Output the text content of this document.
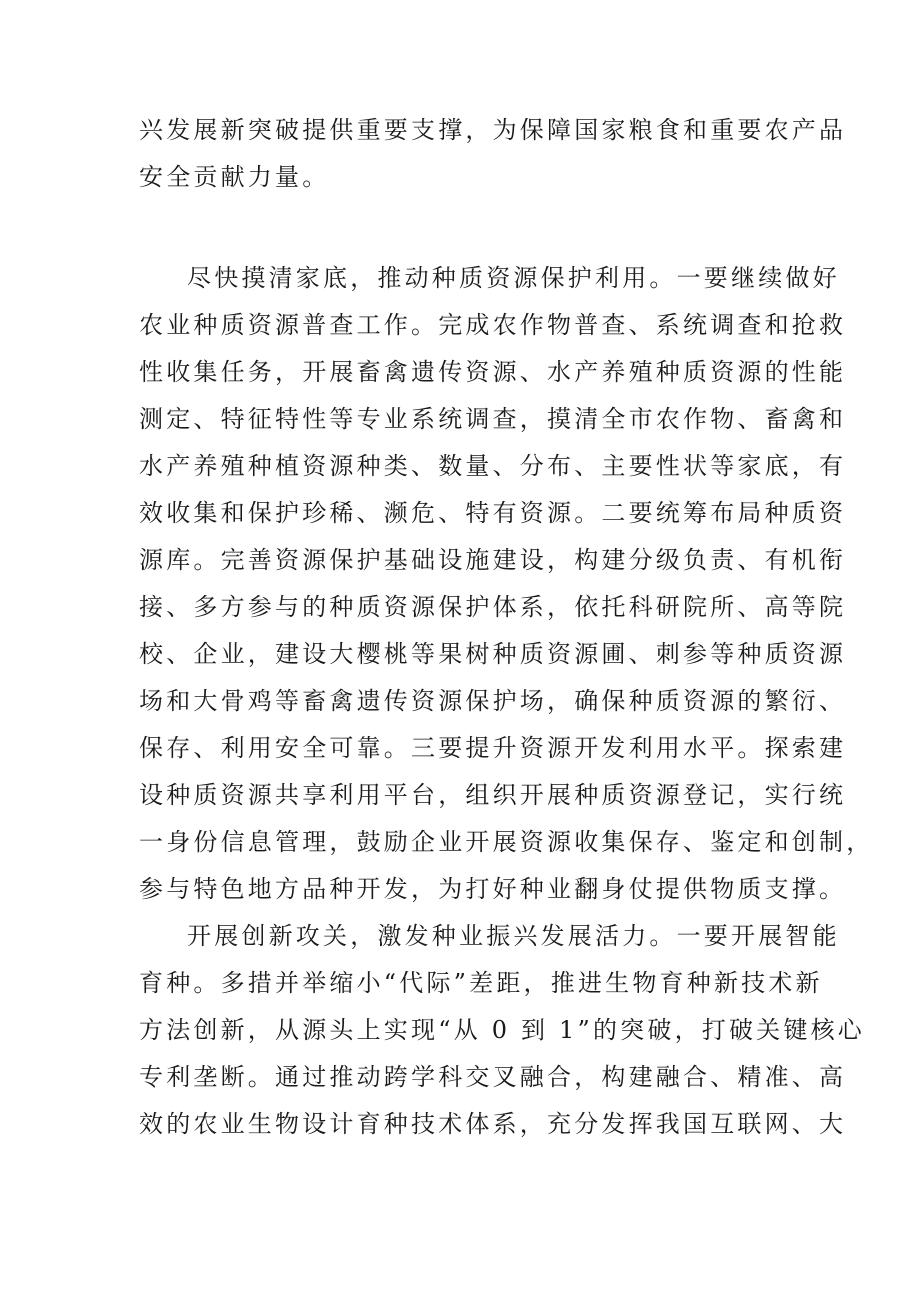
兴发展新突破提供重要支撑，为保障国家粮食和重要农产品
安全贡献力量。
尽快摸清家底，推动种质资源保护利用。一要继续做好
农业种质资源普查工作。完成农作物普查、系统调查和抢救
性收集任务，开展畜禽遗传资源、水产养殖种质资源的性能
测定、特征特性等专业系统调查，摸清全市农作物、畜禽和
水产养殖种植资源种类、数量、分布、主要性状等家底，有
效收集和保护珍稀、濒危、特有资源。二要统筹布局种质资
源库。完善资源保护基础设施建设，构建分级负责、有机衔
接、多方参与的种质资源保护体系，依托科研院所、高等院
校、企业，建设大樱桃等果树种质资源圃、刺参等种质资源
场和大骨鸡等畜禽遗传资源保护场，确保种质资源的繁衍、
保存、利用安全可靠。三要提升资源开发利用水平。探索建
设种质资源共享利用平台，组织开展种质资源登记，实行统
一身份信息管理，鼓励企业开展资源收集保存、鉴定和创制，
参与特色地方品种开发，为打好种业翻身仗提供物质支撑。
开展创新攻关，激发种业振兴发展活力。一要开展智能
育种。多措并举缩小“代际”差距，推进生物育种新技术新
方法创新，从源头上实现“从 0 到 1”的突破，打破关键核心
专利垄断。通过推动跨学科交叉融合，构建融合、精准、高
效的农业生物设计育种技术体系，充分发挥我国互联网、大
